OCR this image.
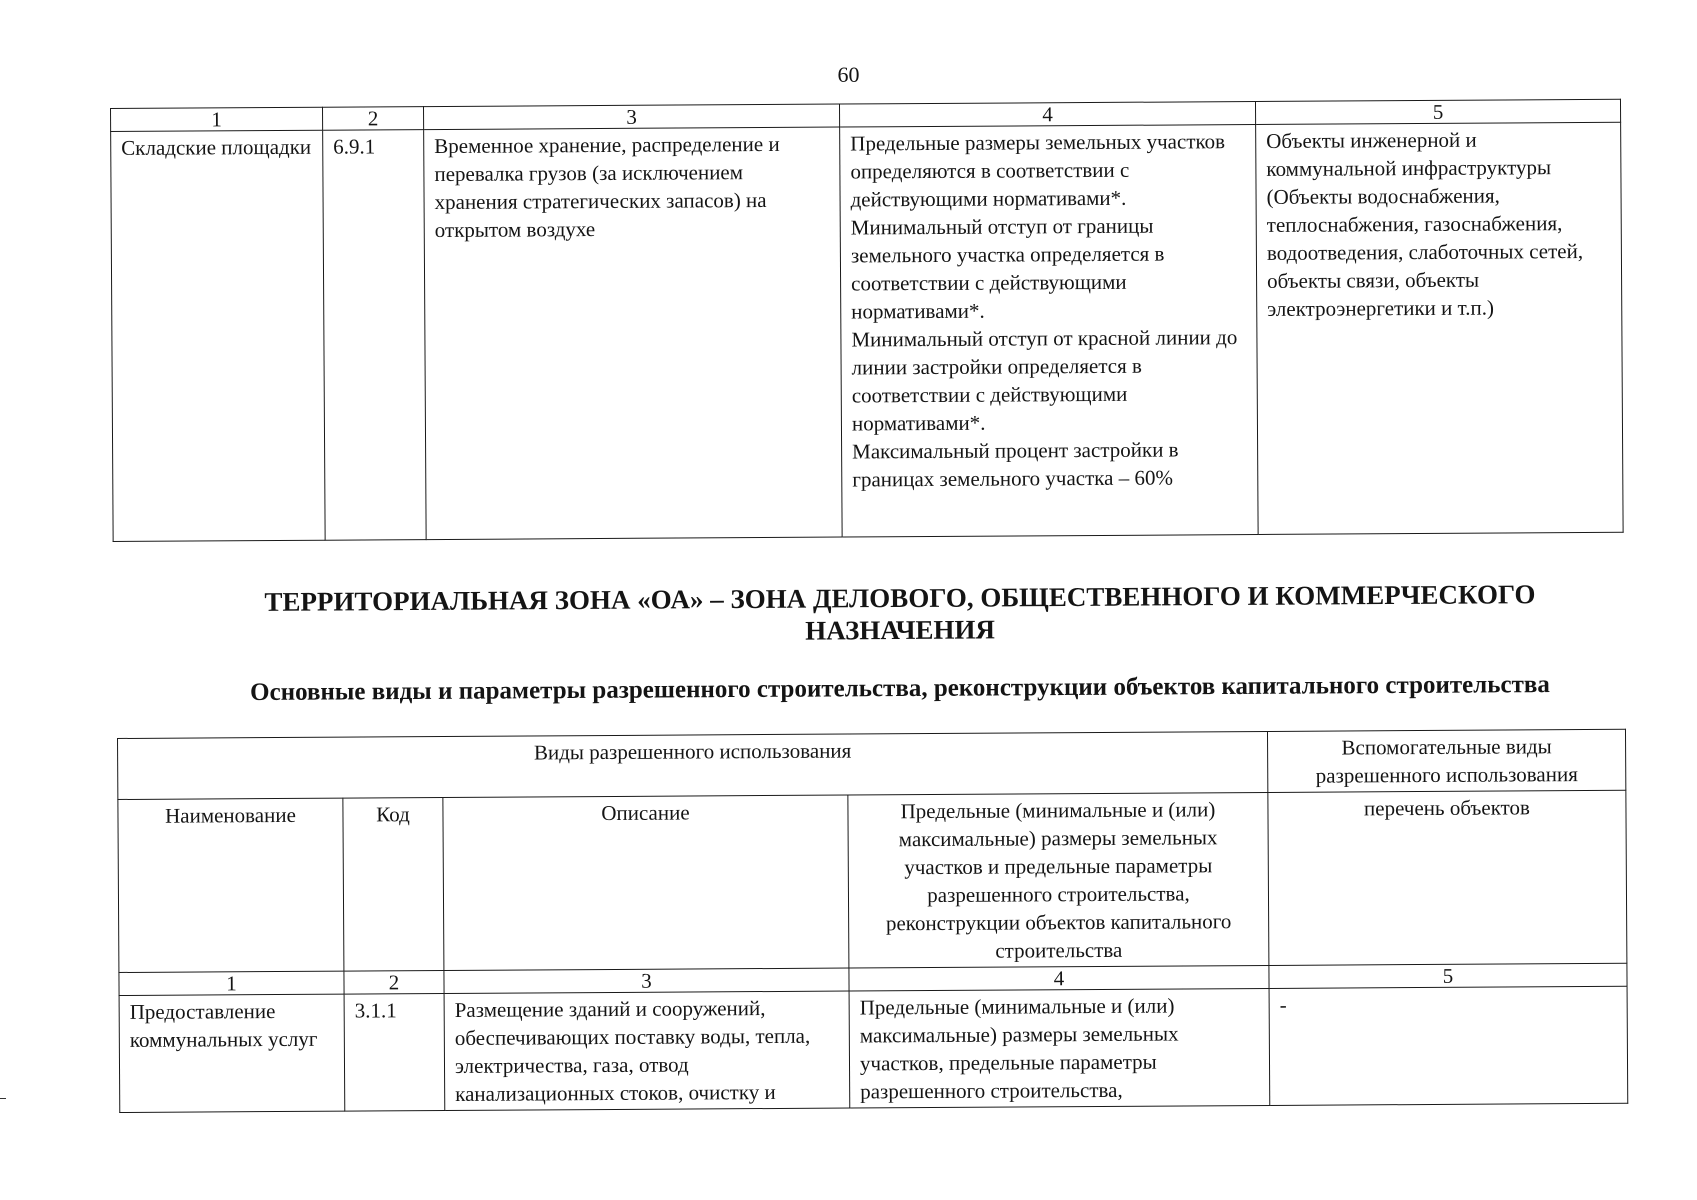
60
1	2	3	4	5
Складские площадки	6.9.1	Временное хранение, распределение и перевалка грузов (за исключением хранения стратегических запасов) на открытом воздухе	Предельные размеры земельных участков определяются в соответствии с действующими нормативами*.
Минимальный отступ от границы земельного участка определяется в соответствии с действующими нормативами*.
Минимальный отступ от красной линии до линии застройки определяется в соответствии с действующими нормативами*.
Максимальный процент застройки в границах земельного участка – 60%	Объекты инженерной и коммунальной инфраструктуры (Объекты водоснабжения, теплоснабжения, газоснабжения, водоотведения, слаботочных сетей, объекты связи, объекты электроэнергетики и т.п.)
ТЕРРИТОРИАЛЬНАЯ ЗОНА «ОА» – ЗОНА ДЕЛОВОГО, ОБЩЕСТВЕННОГО И КОММЕРЧЕСКОГО НАЗНАЧЕНИЯ
Основные виды и параметры разрешенного строительства, реконструкции объектов капитального строительства
Виды разрешенного использования				Вспомогательные виды разрешенного использования
Наименование	Код	Описание	Предельные (минимальные и (или) максимальные) размеры земельных участков и предельные параметры разрешенного строительства, реконструкции объектов капитального строительства	перечень объектов
1	2	3	4	5
Предоставление коммунальных услуг	3.1.1	Размещение зданий и сооружений, обеспечивающих поставку воды, тепла, электричества, газа, отвод канализационных стоков, очистку и	Предельные (минимальные и (или) максимальные) размеры земельных участков, предельные параметры разрешенного строительства,	-
